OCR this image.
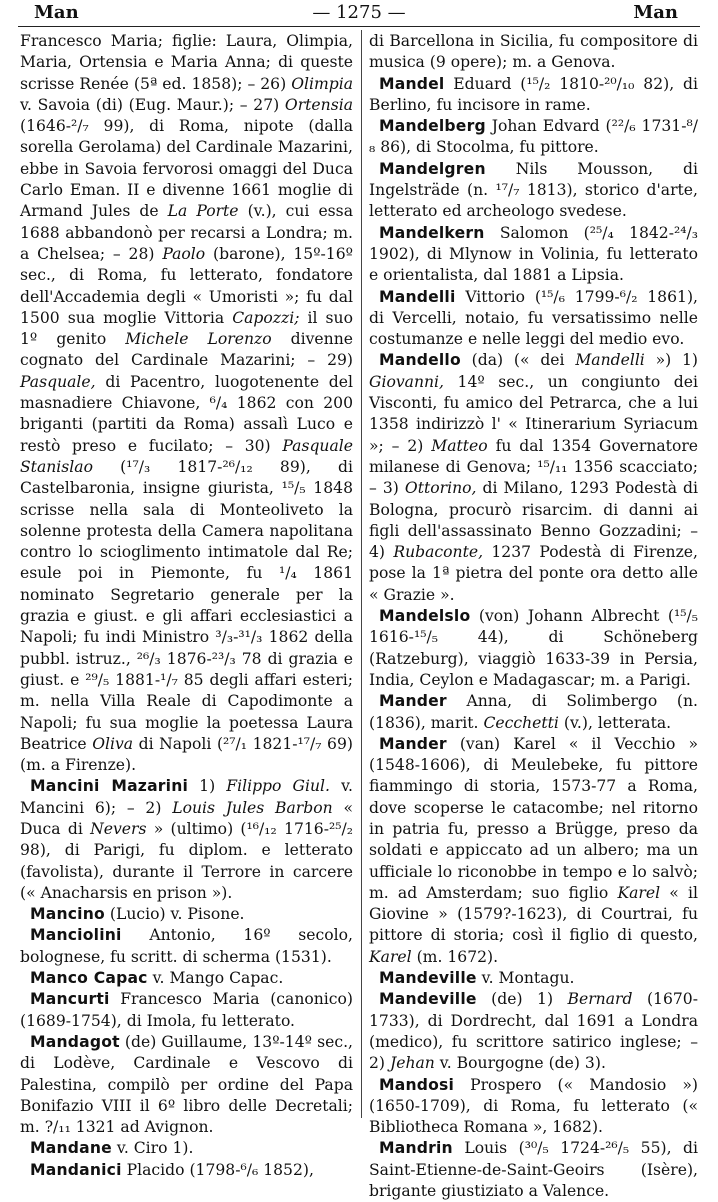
Man	— 1275 —	Man

Francesco Maria; figlie: Laura, Olimpia, Maria, Ortensia e Maria Anna; di queste scrisse Renée (5ª ed. 1858); – 26) Olimpia v. Savoia (di) (Eug. Maur.); – 27) Ortensia (1646-²/₇ 99), di Roma, nipote (dalla sorella Gerolama) del Cardinale Mazarini, ebbe in Savoia fervorosi omaggi del Duca Carlo Eman. II e divenne 1661 moglie di Armand Jules de La Porte (v.), cui essa 1688 abbandonò per recarsi a Londra; m. a Chelsea; – 28) Paolo (barone), 15º-16º sec., di Roma, fu letterato, fondatore dell'Accademia degli « Umoristi »; fu dal 1500 sua moglie Vittoria Capozzi; il suo 1º genito Michele Lorenzo divenne cognato del Cardinale Mazarini; – 29) Pasquale, di Pacentro, luogotenente del masnadiere Chiavone, ⁶/₄ 1862 con 200 briganti (partiti da Roma) assalì Luco e restò preso e fucilato; – 30) Pasquale Stanislao (¹⁷/₃ 1817-²⁶/₁₂ 89), di Castelbaronia, insigne giurista, ¹⁵/₅ 1848 scrisse nella sala di Monteoliveto la solenne protesta della Camera napolitana contro lo scioglimento intimatole dal Re; esule poi in Piemonte, fu ¹/₄ 1861 nominato Segretario generale per la grazia e giust. e gli affari ecclesiastici a Napoli; fu indi Ministro ³/₃-³¹/₃ 1862 della pubbl. istruz., ²⁶/₃ 1876-²³/₃ 78 di grazia e giust. e ²⁹/₅ 1881-¹/₇ 85 degli affari esteri; m. nella Villa Reale di Capodimonte a Napoli; fu sua moglie la poetessa Laura Beatrice Oliva di Napoli (²⁷/₁ 1821-¹⁷/₇ 69) (m. a Firenze).

Mancini Mazarini 1) Filippo Giul. v. Mancini 6); – 2) Louis Jules Barbon « Duca di Nevers » (ultimo) (¹⁶/₁₂ 1716-²⁵/₂ 98), di Parigi, fu diplom. e letterato (favolista), durante il Terrore in carcere (« Anacharsis en prison »).

Mancino (Lucio) v. Pisone.

Manciolini Antonio, 16º secolo, bolognese, fu scritt. di scherma (1531).

Manco Capac v. Mango Capac.

Mancurti Francesco Maria (canonico) (1689-1754), di Imola, fu letterato.

Mandagot (de) Guillaume, 13º-14º sec., di Lodève, Cardinale e Vescovo di Palestina, compilò per ordine del Papa Bonifazio VIII il 6º libro delle Decretali; m. ?/₁₁ 1321 ad Avignon.

Mandane v. Ciro 1).

Mandanici Placido (1798-⁶/₆ 1852),

di Barcellona in Sicilia, fu compositore di musica (9 opere); m. a Genova.

Mandel Eduard (¹⁵/₂ 1810-²⁰/₁₀ 82), di Berlino, fu incisore in rame.

Mandelberg Johan Edvard (²²/₆ 1731-⁸/₈ 86), di Stocolma, fu pittore.

Mandelgren Nils Mousson, di Ingelsträde (n. ¹⁷/₇ 1813), storico d'arte, letterato ed archeologo svedese.

Mandelkern Salomon (²⁵/₄ 1842-²⁴/₃ 1902), di Mlynow in Volinia, fu letterato e orientalista, dal 1881 a Lipsia.

Mandelli Vittorio (¹⁵/₆ 1799-⁶/₂ 1861), di Vercelli, notaio, fu versatissimo nelle costumanze e nelle leggi del medio evo.

Mandello (da) (« dei Mandelli ») 1) Giovanni, 14º sec., un congiunto dei Visconti, fu amico del Petrarca, che a lui 1358 indirizzò l' « Itinerarium Syriacum »; – 2) Matteo fu dal 1354 Governatore milanese di Genova; ¹⁵/₁₁ 1356 scacciato; – 3) Ottorino, di Milano, 1293 Podestà di Bologna, procurò risarcim. di danni ai figli dell'assassinato Benno Gozzadini; – 4) Rubaconte, 1237 Podestà di Firenze, pose la 1ª pietra del ponte ora detto alle « Grazie ».

Mandelslo (von) Johann Albrecht (¹⁵/₅ 1616-¹⁵/₅ 44), di Schöneberg (Ratzeburg), viaggiò 1633-39 in Persia, India, Ceylon e Madagascar; m. a Parigi.

Mander Anna, di Solimbergo (n. (1836), marit. Cecchetti (v.), letterata.

Mander (van) Karel « il Vecchio » (1548-1606), di Meulebeke, fu pittore fiammingo di storia, 1573-77 a Roma, dove scoperse le catacombe; nel ritorno in patria fu, presso a Brügge, preso da soldati e appiccato ad un albero; ma un ufficiale lo riconobbe in tempo e lo salvò; m. ad Amsterdam; suo figlio Karel « il Giovine » (1579?-1623), di Courtrai, fu pittore di storia; così il figlio di questo, Karel (m. 1672).

Mandeville v. Montagu.

Mandeville (de) 1) Bernard (1670-1733), di Dordrecht, dal 1691 a Londra (medico), fu scrittore satirico inglese; – 2) Jehan v. Bourgogne (de) 3).

Mandosi Prospero (« Mandosio ») (1650-1709), di Roma, fu letterato (« Bibliotheca Romana », 1682).

Mandrin Louis (³⁰/₅ 1724-²⁶/₅ 55), di Saint-Etienne-de-Saint-Geoirs (Isère), brigante giustiziato a Valence.
